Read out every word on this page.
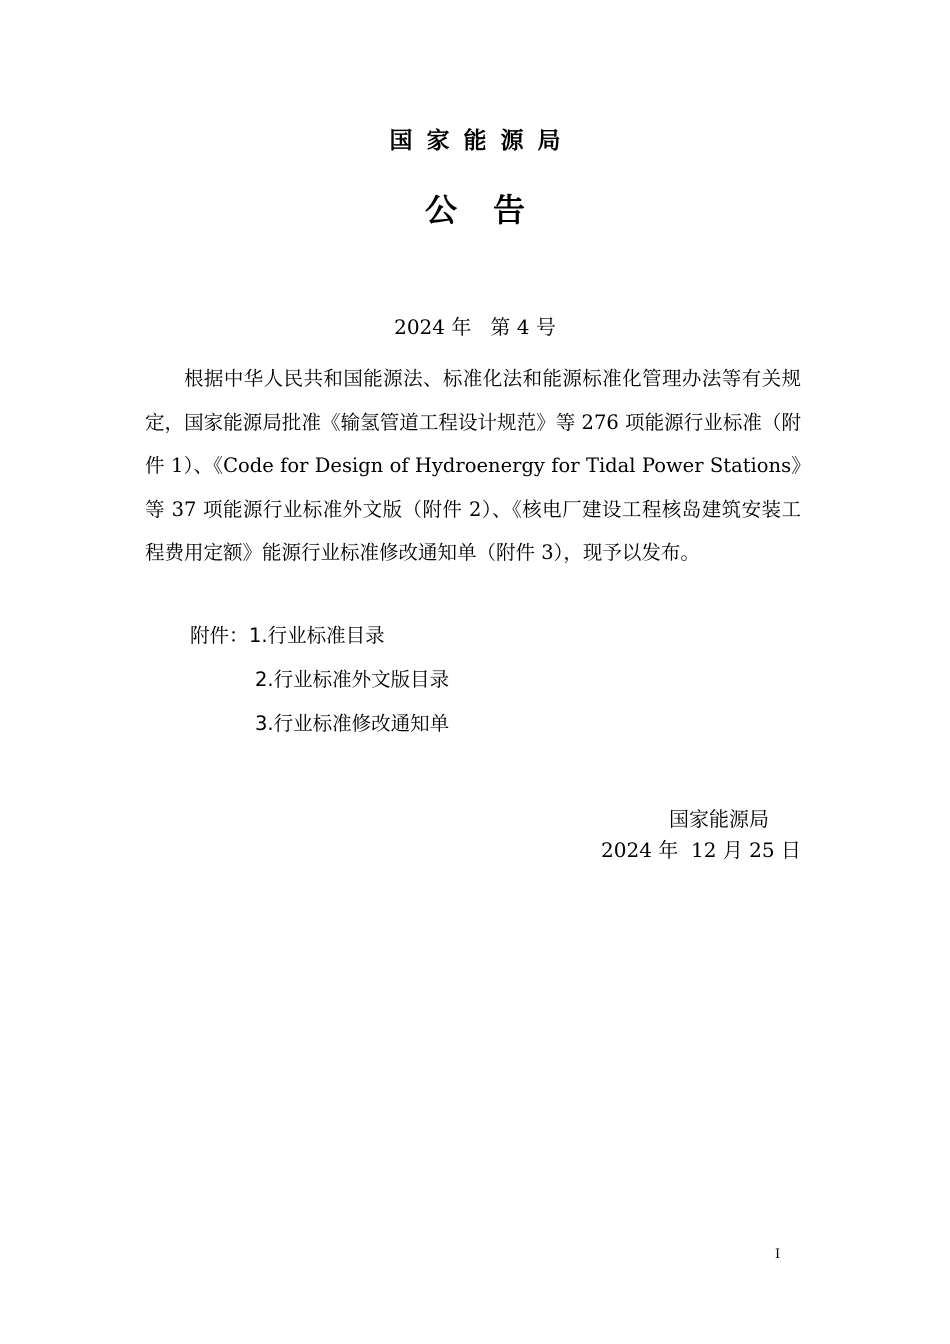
国家能源局
公告
2024 年   第 4 号

根据中华人民共和国能源法、标准化法和能源标准化管理办法等有关规定，国家能源局批准《输氢管道工程设计规范》等 276 项能源行业标准（附件 1）、《Code for Design of Hydroenergy for Tidal Power Stations》等 37 项能源行业标准外文版（附件 2）、《核电厂建设工程核岛建筑安装工程费用定额》能源行业标准修改通知单（附件 3），现予以发布。

附件： 1.行业标准目录
2.行业标准外文版目录
3.行业标准修改通知单
国家能源局
2024 年  12 月 25 日
I
